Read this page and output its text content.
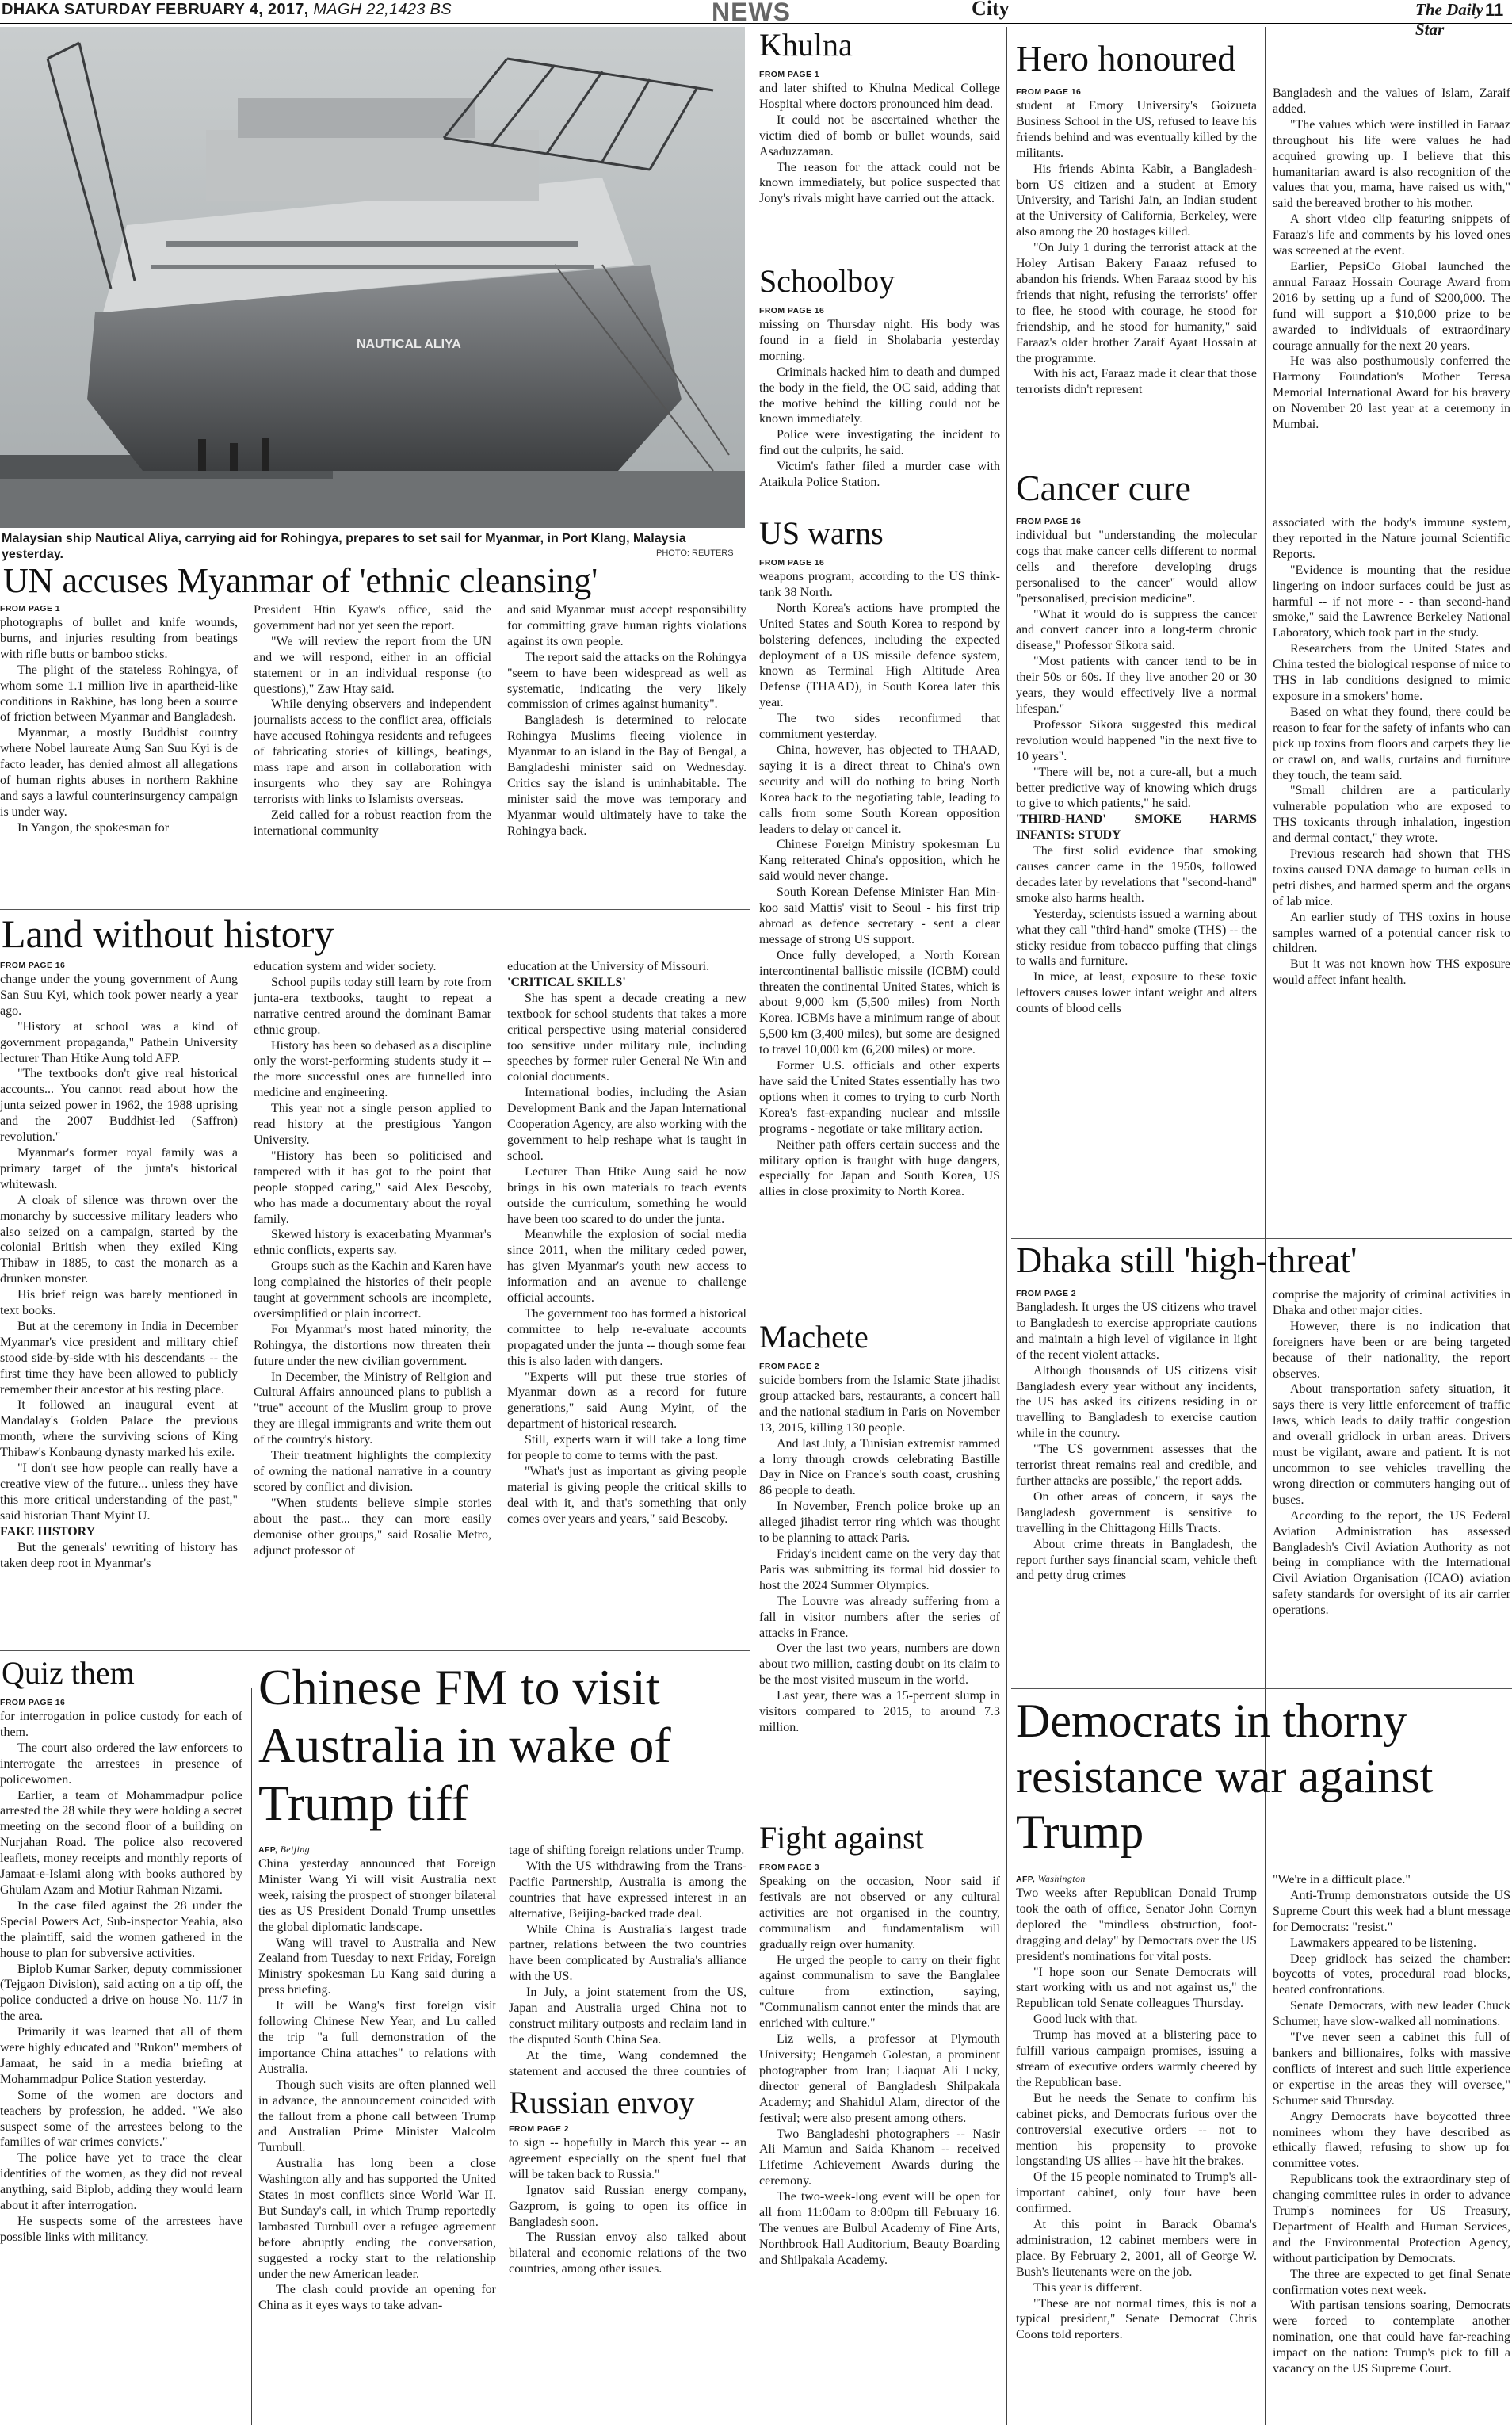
DHAKA SATURDAY FEBRUARY 4, 2017, MAGH 22,1423 BS	NEWS	City	The Daily Star
11
NAUTICAL ALIYA
Malaysian ship Nautical Aliya, carrying aid for Rohingya, prepares to set sail for Myanmar, in Port Klang, Malaysia yesterday.	PHOTO: REUTERS
UN accuses Myanmar of 'ethnic cleansing'
FROM PAGE 1

photographs of bullet and knife wounds, burns, and injuries resulting from beatings with rifle butts or bamboo sticks.

The plight of the stateless Rohingya, of whom some 1.1 million live in apartheid-like conditions in Rakhine, has long been a source of friction between Myanmar and Bangladesh.

Myanmar, a mostly Buddhist country where Nobel laureate Aung San Suu Kyi is de facto leader, has denied almost all allegations of human rights abuses in northern Rakhine and says a lawful counterinsurgency campaign is under way.

In Yangon, the spokesman for

President Htin Kyaw's office, said the government had not yet seen the report.

"We will review the report from the UN and we will respond, either in an official statement or in an individual response (to questions)," Zaw Htay said.

While denying observers and independent journalists access to the conflict area, officials have accused Rohingya residents and refugees of fabricating stories of killings, beatings, mass rape and arson in collaboration with insurgents who they say are Rohingya terrorists with links to Islamists overseas.

Zeid called for a robust reaction from the international community

and said Myanmar must accept responsibility for committing grave human rights violations against its own people.

The report said the attacks on the Rohingya "seem to have been widespread as well as systematic, indicating the very likely commission of crimes against humanity".

Bangladesh is determined to relocate Rohingya Muslims fleeing violence in Myanmar to an island in the Bay of Bengal, a Bangladeshi minister said on Wednesday. Critics say the island is uninhabitable. The minister said the move was temporary and Myanmar would ultimately have to take the Rohingya back.

Land without history
FROM PAGE 16

change under the young government of Aung San Suu Kyi, which took power nearly a year ago.

"History at school was a kind of government propaganda," Pathein University lecturer Than Htike Aung told AFP.

"The textbooks don't give real historical accounts... You cannot read about how the junta seized power in 1962, the 1988 uprising and the 2007 Buddhist-led (Saffron) revolution."

Myanmar's former royal family was a primary target of the junta's historical whitewash.

A cloak of silence was thrown over the monarchy by successive military leaders who also seized on a campaign, started by the colonial British when they exiled King Thibaw in 1885, to cast the monarch as a drunken monster.

His brief reign was barely mentioned in text books.

But at the ceremony in India in December Myanmar's vice president and military chief stood side-by-side with his descendants -- the first time they have been allowed to publicly remember their ancestor at his resting place.

It followed an inaugural event at Mandalay's Golden Palace the previous month, where the surviving scions of King Thibaw's Konbaung dynasty marked his exile.

"I don't see how people can really have a creative view of the future... unless they have this more critical understanding of the past," said historian Thant Myint U.

FAKE HISTORY

But the generals' rewriting of history has taken deep root in Myanmar's

education system and wider society.

School pupils today still learn by rote from junta-era textbooks, taught to repeat a narrative centred around the dominant Bamar ethnic group.

History has been so debased as a discipline only the worst-performing students study it -- the more successful ones are funnelled into medicine and engineering.

This year not a single person applied to read history at the prestigious Yangon University.

"History has been so politicised and tampered with it has got to the point that people stopped caring," said Alex Bescoby, who has made a documentary about the royal family.

Skewed history is exacerbating Myanmar's ethnic conflicts, experts say.

Groups such as the Kachin and Karen have long complained the histories of their people taught at government schools are incomplete, oversimplified or plain incorrect.

For Myanmar's most hated minority, the Rohingya, the distortions now threaten their future under the new civilian government.

In December, the Ministry of Religion and Cultural Affairs announced plans to publish a "true" account of the Muslim group to prove they are illegal immigrants and write them out of the country's history.

Their treatment highlights the complexity of owning the national narrative in a country scored by conflict and division.

"When students believe simple stories about the past... they can more easily demonise other groups," said Rosalie Metro, adjunct professor of

education at the University of Missouri.

'CRITICAL SKILLS'

She has spent a decade creating a new textbook for school students that takes a more critical perspective using material considered too sensitive under military rule, including speeches by former ruler General Ne Win and colonial documents.

International bodies, including the Asian Development Bank and the Japan International Cooperation Agency, are also working with the government to help reshape what is taught in school.

Lecturer Than Htike Aung said he now brings in his own materials to teach events outside the curriculum, something he would have been too scared to do under the junta.

Meanwhile the explosion of social media since 2011, when the military ceded power, has given Myanmar's youth new access to information and an avenue to challenge official accounts.

The government too has formed a historical committee to help re-evaluate accounts propagated under the junta -- though some fear this is also laden with dangers.

"Experts will put these true stories of Myanmar down as a record for future generations," said Aung Myint, of the department of historical research.

Still, experts warn it will take a long time for people to come to terms with the past.

"What's just as important as giving people material is giving people the critical skills to deal with it, and that's something that only comes over years and years," said Bescoby.

Quiz them
FROM PAGE 16

for interrogation in police custody for each of them.

The court also ordered the law enforcers to interrogate the arrestees in presence of policewomen.

Earlier, a team of Mohammadpur police arrested the 28 while they were holding a secret meeting on the second floor of a building on Nurjahan Road. The police also recovered leaflets, money receipts and monthly reports of Jamaat-e-Islami along with books authored by Ghulam Azam and Motiur Rahman Nizami.

In the case filed against the 28 under the Special Powers Act, Sub-inspector Yeahia, also the plaintiff, said the women gathered in the house to plan for subversive activities.

Biplob Kumar Sarker, deputy commissioner (Tejgaon Division), said acting on a tip off, the police conducted a drive on house No. 11/7 in the area.

Primarily it was learned that all of them were highly educated and "Rukon" members of Jamaat, he said in a media briefing at Mohammadpur Police Station yesterday.

Some of the women are doctors and teachers by profession, he added. "We also suspect some of the arrestees belong to the families of war crimes convicts."

The police have yet to trace the clear identities of the women, as they did not reveal anything, said Biplob, adding they would learn about it after interrogation.

He suspects some of the arrestees have possible links with militancy.

Chinese FM to visit Australia in wake of Trump tiff
AFP, Beijing

China yesterday announced that Foreign Minister Wang Yi will visit Australia next week, raising the prospect of stronger bilateral ties as US President Donald Trump unsettles the global diplomatic landscape.

Wang will travel to Australia and New Zealand from Tuesday to next Friday, Foreign Ministry spokesman Lu Kang said during a press briefing.

It will be Wang's first foreign visit following Chinese New Year, and Lu called the trip "a full demonstration of the importance China attaches" to relations with Australia.

Though such visits are often planned well in advance, the announcement coincided with the fallout from a phone call between Trump and Australian Prime Minister Malcolm Turnbull.

Australia has long been a close Washington ally and has supported the United States in most conflicts since World War II. But Sunday's call, in which Trump reportedly lambasted Turnbull over a refugee agreement before abruptly ending the conversation, suggested a rocky start to the relationship under the new American leader.

The clash could provide an opening for China as it eyes ways to take advan-

tage of shifting foreign relations under Trump.

With the US withdrawing from the Trans-Pacific Partnership, Australia is among the countries that have expressed interest in an alternative, Beijing-backed trade deal.

While China is Australia's largest trade partner, relations between the two countries have been complicated by Australia's alliance with the US.

In July, a joint statement from the US, Japan and Australia urged China not to construct military outposts and reclaim land in the disputed South China Sea.

At the time, Wang condemned the statement and accused the three countries of

Russian envoy
FROM PAGE 2

to sign -- hopefully in March this year -- an agreement especially on the spent fuel that will be taken back to Russia."

Ignatov said Russian energy company, Gazprom, is going to open its office in Bangladesh soon.

The Russian envoy also talked about bilateral and economic relations of the two countries, among other issues.

Khulna
FROM PAGE 1

and later shifted to Khulna Medical College Hospital where doctors pronounced him dead.

It could not be ascertained whether the victim died of bomb or bullet wounds, said Asaduzzaman.

The reason for the attack could not be known immediately, but police suspected that Jony's rivals might have carried out the attack.

Schoolboy
FROM PAGE 16

missing on Thursday night. His body was found in a field in Sholabaria yesterday morning.

Criminals hacked him to death and dumped the body in the field, the OC said, adding that the motive behind the killing could not be known immediately.

Police were investigating the incident to find out the culprits, he said.

Victim's father filed a murder case with Ataikula Police Station.

US warns
FROM PAGE 16

weapons program, according to the US think-tank 38 North.

North Korea's actions have prompted the United States and South Korea to respond by bolstering defences, including the expected deployment of a US missile defence system, known as Terminal High Altitude Area Defense (THAAD), in South Korea later this year.

The two sides reconfirmed that commitment yesterday.

China, however, has objected to THAAD, saying it is a direct threat to China's own security and will do nothing to bring North Korea back to the negotiating table, leading to calls from some South Korean opposition leaders to delay or cancel it.

Chinese Foreign Ministry spokesman Lu Kang reiterated China's opposition, which he said would never change.

South Korean Defense Minister Han Min-koo said Mattis' visit to Seoul - his first trip abroad as defence secretary - sent a clear message of strong US support.

Once fully developed, a North Korean intercontinental ballistic missile (ICBM) could threaten the continental United States, which is about 9,000 km (5,500 miles) from North Korea. ICBMs have a minimum range of about 5,500 km (3,400 miles), but some are designed to travel 10,000 km (6,200 miles) or more.

Former U.S. officials and other experts have said the United States essentially has two options when it comes to trying to curb North Korea's fast-expanding nuclear and missile programs - negotiate or take military action.

Neither path offers certain success and the military option is fraught with huge dangers, especially for Japan and South Korea, US allies in close proximity to North Korea.

Machete
FROM PAGE 2

suicide bombers from the Islamic State jihadist group attacked bars, restaurants, a concert hall and the national stadium in Paris on November 13, 2015, killing 130 people.

And last July, a Tunisian extremist rammed a lorry through crowds celebrating Bastille Day in Nice on France's south coast, crushing 86 people to death.

In November, French police broke up an alleged jihadist terror ring which was thought to be planning to attack Paris.

Friday's incident came on the very day that Paris was submitting its formal bid dossier to host the 2024 Summer Olympics.

The Louvre was already suffering from a fall in visitor numbers after the series of attacks in France.

Over the last two years, numbers are down about two million, casting doubt on its claim to be the most visited museum in the world.

Last year, there was a 15-percent slump in visitors compared to 2015, to around 7.3 million.

Fight against
FROM PAGE 3

Speaking on the occasion, Noor said if festivals are not observed or any cultural activities are not organised in the country, communalism and fundamentalism will gradually reign over humanity.

He urged the people to carry on their fight against communalism to save the Banglalee culture from extinction, saying, "Communalism cannot enter the minds that are enriched with culture."

Liz wells, a professor at Plymouth University; Hengameh Golestan, a prominent photographer from Iran; Liaquat Ali Lucky, director general of Bangladesh Shilpakala Academy; and Shahidul Alam, director of the festival; were also present among others.

Two Bangladeshi photographers -- Nasir Ali Mamun and Saida Khanom -- received Lifetime Achievement Awards during the ceremony.

The two-week-long event will be open for all from 11:00am to 8:00pm till February 16. The venues are Bulbul Academy of Fine Arts, Northbrook Hall Auditorium, Beauty Boarding and Shilpakala Academy.

Hero honoured
FROM PAGE 16

student at Emory University's Goizueta Business School in the US, refused to leave his friends behind and was eventually killed by the militants.

His friends Abinta Kabir, a Bangladesh-born US citizen and a student at Emory University, and Tarishi Jain, an Indian student at the University of California, Berkeley, were also among the 20 hostages killed.

"On July 1 during the terrorist attack at the Holey Artisan Bakery Faraaz refused to abandon his friends. When Faraaz stood by his friends that night, refusing the terrorists' offer to flee, he stood with courage, he stood for friendship, and he stood for humanity," said Faraaz's older brother Zaraif Ayaat Hossain at the programme.

With his act, Faraaz made it clear that those terrorists didn't represent

Bangladesh and the values of Islam, Zaraif added.

"The values which were instilled in Faraaz throughout his life were values he had acquired growing up. I believe that this humanitarian award is also recognition of the values that you, mama, have raised us with," said the bereaved brother to his mother.

A short video clip featuring snippets of Faraaz's life and comments by his loved ones was screened at the event.

Earlier, PepsiCo Global launched the annual Faraaz Hossain Courage Award from 2016 by setting up a fund of $200,000. The fund will support a $10,000 prize to be awarded to individuals of extraordinary courage annually for the next 20 years.

He was also posthumously conferred the Harmony Foundation's Mother Teresa Memorial International Award for his bravery on November 20 last year at a ceremony in Mumbai.

Cancer cure
FROM PAGE 16

individual but "understanding the molecular cogs that make cancer cells different to normal cells and therefore developing drugs personalised to the cancer" would allow "personalised, precision medicine".

"What it would do is suppress the cancer and convert cancer into a long-term chronic disease," Professor Sikora said.

"Most patients with cancer tend to be in their 50s or 60s. If they live another 20 or 30 years, they would effectively live a normal lifespan."

Professor Sikora suggested this medical revolution would happened "in the next five to 10 years".

"There will be, not a cure-all, but a much better predictive way of knowing which drugs to give to which patients," he said.

'THIRD-HAND' SMOKE HARMS INFANTS: STUDY

The first solid evidence that smoking causes cancer came in the 1950s, followed decades later by revelations that "second-hand" smoke also harms health.

Yesterday, scientists issued a warning about what they call "third-hand" smoke (THS) -- the sticky residue from tobacco puffing that clings to walls and furniture.

In mice, at least, exposure to these toxic leftovers causes lower infant weight and alters counts of blood cells

associated with the body's immune system, they reported in the Nature journal Scientific Reports.

"Evidence is mounting that the residue lingering on indoor surfaces could be just as harmful -- if not more - - than second-hand smoke," said the Lawrence Berkeley National Laboratory, which took part in the study.

Researchers from the United States and China tested the biological response of mice to THS in lab conditions designed to mimic exposure in a smokers' home.

Based on what they found, there could be reason to fear for the safety of infants who can pick up toxins from floors and carpets they lie or crawl on, and walls, curtains and furniture they touch, the team said.

"Small children are a particularly vulnerable population who are exposed to THS toxicants through inhalation, ingestion and dermal contact," they wrote.

Previous research had shown that THS toxins caused DNA damage to human cells in petri dishes, and harmed sperm and the organs of lab mice.

An earlier study of THS toxins in house samples warned of a potential cancer risk to children.

But it was not known how THS exposure would affect infant health.

Dhaka still 'high-threat'
FROM PAGE 2

Bangladesh. It urges the US citizens who travel to Bangladesh to exercise appropriate cautions and maintain a high level of vigilance in light of the recent violent attacks.

Although thousands of US citizens visit Bangladesh every year without any incidents, the US has asked its citizens residing in or travelling to Bangladesh to exercise caution while in the country.

"The US government assesses that the terrorist threat remains real and credible, and further attacks are possible," the report adds.

On other areas of concern, it says the Bangladesh government is sensitive to travelling in the Chittagong Hills Tracts.

About crime threats in Bangladesh, the report further says financial scam, vehicle theft and petty drug crimes

comprise the majority of criminal activities in Dhaka and other major cities.

However, there is no indication that foreigners have been or are being targeted because of their nationality, the report observes.

About transportation safety situation, it says there is very little enforcement of traffic laws, which leads to daily traffic congestion and overall gridlock in urban areas. Drivers must be vigilant, aware and patient. It is not uncommon to see vehicles travelling the wrong direction or commuters hanging out of buses.

According to the report, the US Federal Aviation Administration has assessed Bangladesh's Civil Aviation Authority as not being in compliance with the International Civil Aviation Organisation (ICAO) aviation safety standards for oversight of its air carrier operations.

Democrats in thorny resistance war against Trump
AFP, Washington

Two weeks after Republican Donald Trump took the oath of office, Senator John Cornyn deplored the "mindless obstruction, foot-dragging and delay" by Democrats over the US president's nominations for vital posts.

"I hope soon our Senate Democrats will start working with us and not against us," the Republican told Senate colleagues Thursday.

Good luck with that.

Trump has moved at a blistering pace to fulfill various campaign promises, issuing a stream of executive orders warmly cheered by the Republican base.

But he needs the Senate to confirm his cabinet picks, and Democrats furious over the controversial executive orders -- not to mention his propensity to provoke longstanding US allies -- have hit the brakes.

Of the 15 people nominated to Trump's all-important cabinet, only four have been confirmed.

At this point in Barack Obama's administration, 12 cabinet members were in place. By February 2, 2001, all of George W. Bush's lieutenants were on the job.

This year is different.

"These are not normal times, this is not a typical president," Senate Democrat Chris Coons told reporters.

"We're in a difficult place."

Anti-Trump demonstrators outside the US Supreme Court this week had a blunt message for Democrats: "resist."

Lawmakers appeared to be listening.

Deep gridlock has seized the chamber: boycotts of votes, procedural road blocks, heated confrontations.

Senate Democrats, with new leader Chuck Schumer, have slow-walked all nominations.

"I've never seen a cabinet this full of bankers and billionaires, folks with massive conflicts of interest and such little experience or expertise in the areas they will oversee," Schumer said Thursday.

Angry Democrats have boycotted three nominees whom they have described as ethically flawed, refusing to show up for committee votes.

Republicans took the extraordinary step of changing committee rules in order to advance Trump's nominees for US Treasury, Department of Health and Human Services, and the Environmental Protection Agency, without participation by Democrats.

The three are expected to get final Senate confirmation votes next week.

With partisan tensions soaring, Democrats were forced to contemplate another nomination, one that could have far-reaching impact on the nation: Trump's pick to fill a vacancy on the US Supreme Court.
